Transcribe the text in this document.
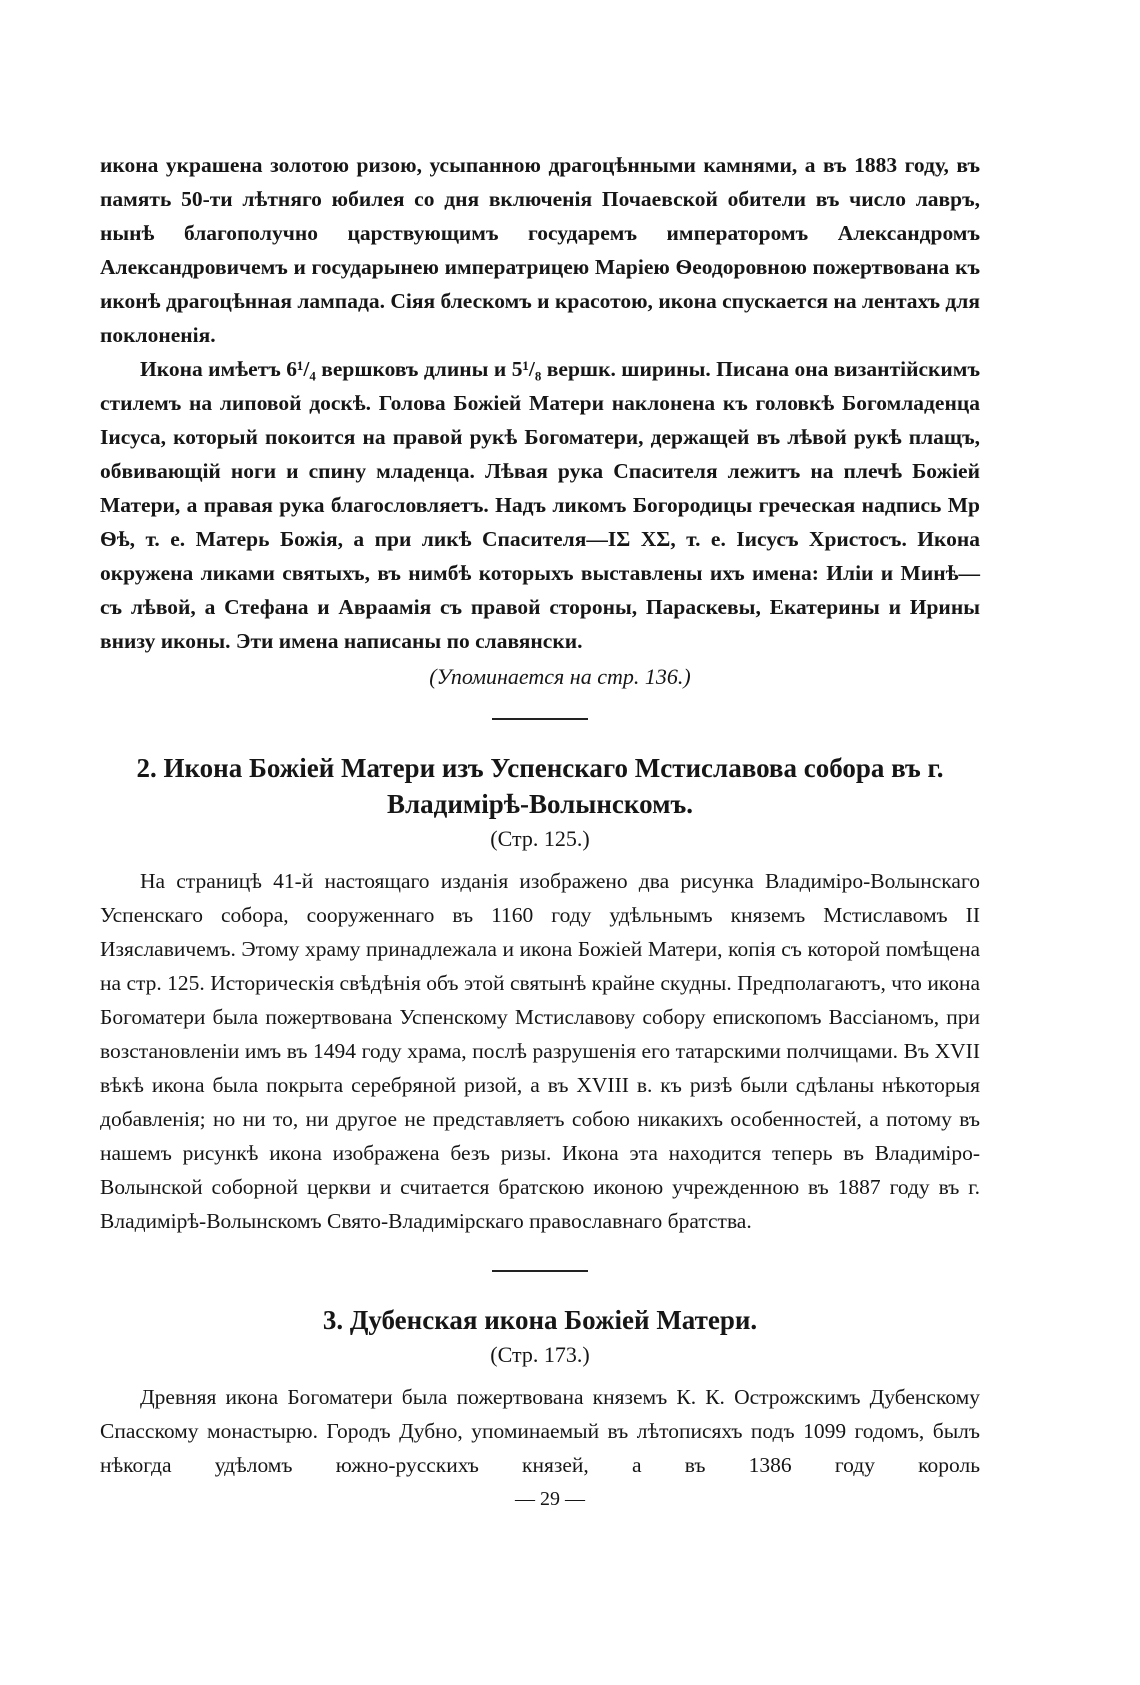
икона украшена золотою ризою, усыпанною драгоцѣнными камнями, а въ 1883 году, въ память 50-ти лѣтняго юбилея со дня включенія Почаевской обители въ число лавръ, нынѣ благополучно царствующимъ государемъ императоромъ Александромъ Александровичемъ и государынею императрицею Маріею Ѳеодоровною пожертвована къ иконѣ драгоцѣнная лампада. Сіяя блескомъ и красотою, икона спускается на лентахъ для поклоненія.

Икона имѣетъ 6¹/₄ вершковъ длины и 5¹/₈ вершк. ширины. Писана она византійскимъ стилемъ на липовой доскѣ. Голова Божіей Матери наклонена къ головкѣ Богомладенца Іисуса, который покоится на правой рукѣ Богоматери, держащей въ лѣвой рукѣ плащъ, обвивающій ноги и спину младенца. Лѣвая рука Спасителя лежитъ на плечѣ Божіей Матери, а правая рука благословляетъ. Надъ ликомъ Богородицы греческая надпись Мр Ѳѣ, т. е. Матерь Божія, а при ликѣ Спасителя—IΣ ΧΣ, т. е. Іисусъ Христосъ. Икона окружена ликами святыхъ, въ нимбѣ которыхъ выставлены ихъ имена: Иліи и Минѣ—съ лѣвой, а Стефана и Авраамія съ правой стороны, Параскевы, Екатерины и Ирины внизу иконы. Эти имена написаны по славянски.

(Упоминается на стр. 136.)
2. Икона Божіей Матери изъ Успенскаго Мстиславова собора въ г. Владимірѣ-Волынскомъ.
(Стр. 125.)

На страницѣ 41-й настоящаго изданія изображено два рисунка Владиміро-Волынскаго Успенскаго собора, сооруженнаго въ 1160 году удѣльнымъ княземъ Мстиславомъ II Изяславичемъ. Этому храму принадлежала и икона Божіей Матери, копія съ которой помѣщена на стр. 125. Историческія свѣдѣнія объ этой святынѣ крайне скудны. Предполагаютъ, что икона Богоматери была пожертвована Успенскому Мстиславову собору епископомъ Вассіаномъ, при возстановленіи имъ въ 1494 году храма, послѣ разрушенія его татарскими полчищами. Въ XVII вѣкѣ икона была покрыта серебряной ризой, а въ XVIII в. къ ризѣ были сдѣланы нѣкоторыя добавленія; но ни то, ни другое не представляетъ собою никакихъ особенностей, а потому въ нашемъ рисункѣ икона изображена безъ ризы. Икона эта находится теперь въ Владиміро-Волынской соборной церкви и считается братскою иконою учрежденною въ 1887 году въ г. Владимірѣ-Волынскомъ Свято-Владимірскаго православнаго братства.

3. Дубенская икона Божіей Матери.
(Стр. 173.)

Древняя икона Богоматери была пожертвована княземъ К. К. Острожскимъ Дубенскому Спасскому монастырю. Городъ Дубно, упоминаемый въ лѣтописяхъ подъ 1099 годомъ, былъ нѣкогда удѣломъ южно-русскихъ князей, а въ 1386 году король

— 29 —
